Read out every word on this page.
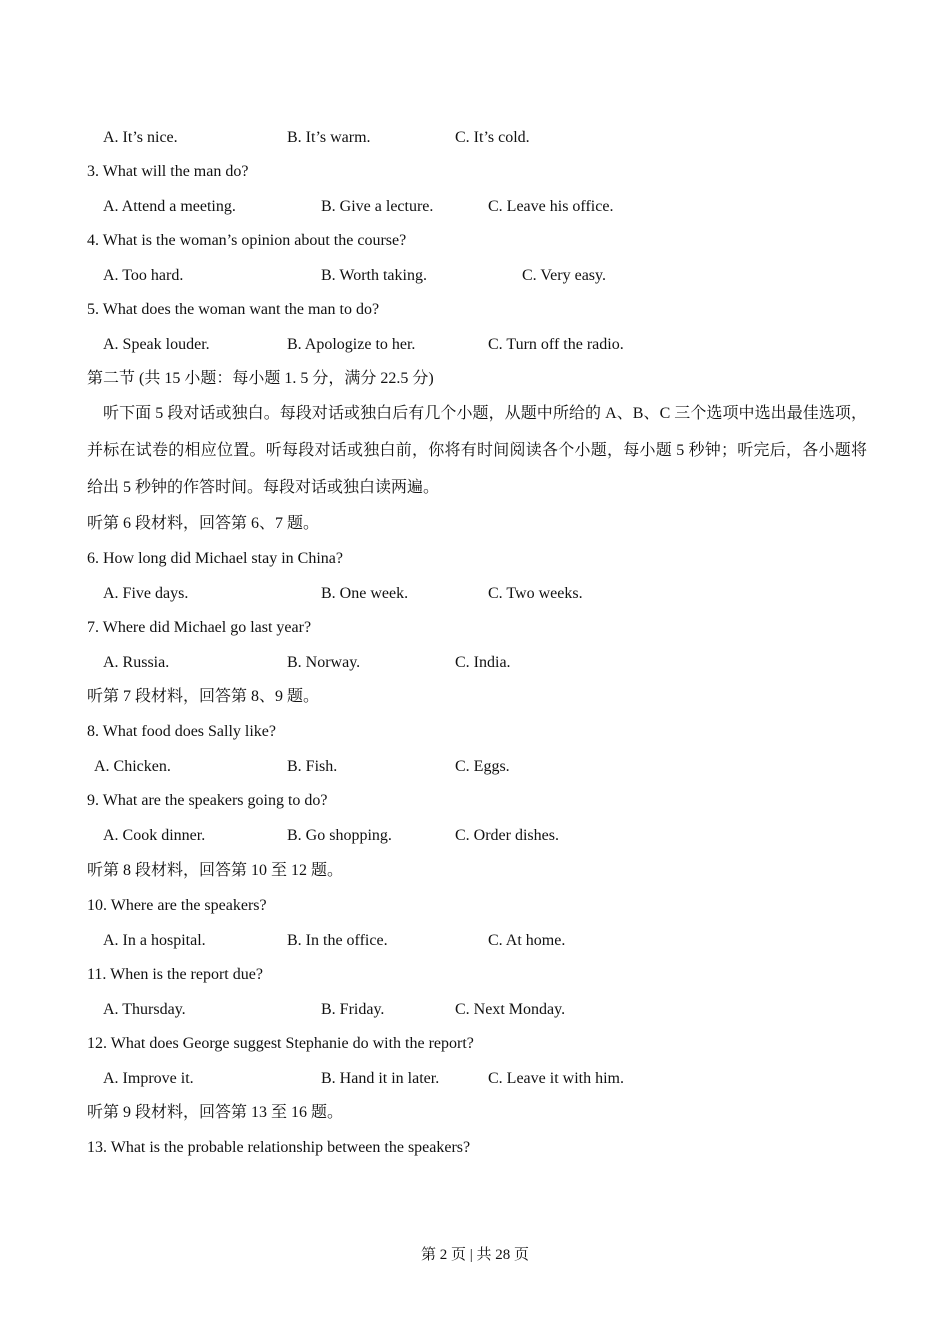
A. It’s nice.	B. It’s warm.	C. It’s cold.
3. What will the man do?
A. Attend a meeting.	B. Give a lecture.	C. Leave his office.
4. What is the woman’s opinion about the course?
A. Too hard.	B. Worth taking.	C. Very easy.
5. What does the woman want the man to do?
A. Speak louder.	B. Apologize to her.	C. Turn off the radio.
第二节 (共 15 小题：每小题 1. 5 分，满分 22.5 分)
听下面 5 段对话或独白。每段对话或独白后有几个小题，从题中所给的 A、B、C 三个选项中选出最佳选项，并标在试卷的相应位置。听每段对话或独白前，你将有时间阅读各个小题，每小题 5 秒钟；听完后，各小题将给出 5 秒钟的作答时间。每段对话或独白读两遍。
听第 6 段材料，回答第 6、7 题。
6. How long did Michael stay in China?
A. Five days.	B. One week.	C. Two weeks.
7. Where did Michael go last year?
A. Russia.	B. Norway.	C. India.
听第 7 段材料，回答第 8、9 题。
8. What food does Sally like?
A. Chicken.	B. Fish.	C. Eggs.
9. What are the speakers going to do?
A. Cook dinner.	B. Go shopping.	C. Order dishes.
听第 8 段材料，回答第 10 至 12 题。
10. Where are the speakers?
A. In a hospital.	B. In the office.	C. At home.
11. When is the report due?
A. Thursday.	B. Friday.	C. Next Monday.
12. What does George suggest Stephanie do with the report?
A. Improve it.	B. Hand it in later.	C. Leave it with him.
听第 9 段材料，回答第 13 至 16 题。
13. What is the probable relationship between the speakers?
第 2 页 | 共 28 页
